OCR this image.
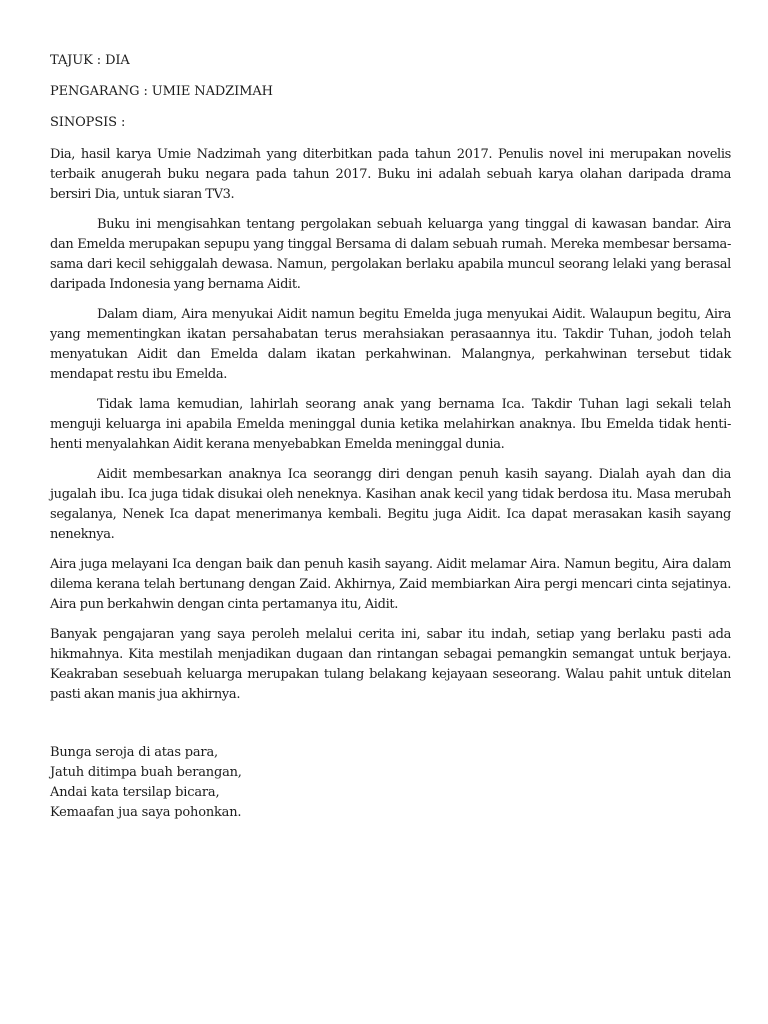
TAJUK : DIA
PENGARANG : UMIE NADZIMAH
SINOPSIS :

Dia, hasil karya Umie Nadzimah yang diterbitkan pada tahun 2017. Penulis novel ini merupakan novelis terbaik anugerah buku negara pada tahun 2017. Buku ini adalah sebuah karya olahan daripada drama bersiri Dia, untuk siaran TV3.

Buku ini mengisahkan tentang pergolakan sebuah keluarga yang tinggal di kawasan bandar. Aira dan Emelda merupakan sepupu yang tinggal Bersama di dalam sebuah rumah. Mereka membesar bersama-sama dari kecil sehiggalah dewasa. Namun, pergolakan berlaku apabila muncul seorang lelaki yang berasal daripada Indonesia yang bernama Aidit.

Dalam diam, Aira menyukai Aidit namun begitu Emelda juga menyukai Aidit. Walaupun begitu, Aira yang mementingkan ikatan persahabatan terus merahsiakan perasaannya itu. Takdir Tuhan, jodoh telah menyatukan Aidit dan Emelda dalam ikatan perkahwinan. Malangnya, perkahwinan tersebut tidak mendapat restu ibu Emelda.

Tidak lama kemudian, lahirlah seorang anak yang bernama Ica. Takdir Tuhan lagi sekali telah menguji keluarga ini apabila Emelda meninggal dunia ketika melahirkan anaknya. Ibu Emelda tidak henti-henti menyalahkan Aidit kerana menyebabkan Emelda meninggal dunia.

Aidit membesarkan anaknya Ica seorangg diri dengan penuh kasih sayang. Dialah ayah dan dia jugalah ibu. Ica juga tidak disukai oleh neneknya. Kasihan anak kecil yang tidak berdosa itu. Masa merubah segalanya, Nenek Ica dapat menerimanya kembali. Begitu juga Aidit. Ica dapat merasakan kasih sayang neneknya.

Aira juga melayani Ica dengan baik dan penuh kasih sayang. Aidit melamar Aira. Namun begitu, Aira dalam dilema kerana telah bertunang dengan Zaid. Akhirnya, Zaid membiarkan Aira pergi mencari cinta sejatinya. Aira pun berkahwin dengan cinta pertamanya itu, Aidit.

Banyak pengajaran yang saya peroleh melalui cerita ini, sabar itu indah, setiap yang berlaku pasti ada hikmahnya. Kita mestilah menjadikan dugaan dan rintangan sebagai pemangkin semangat untuk berjaya. Keakraban sesebuah keluarga merupakan tulang belakang kejayaan seseorang. Walau pahit untuk ditelan pasti akan manis jua akhirnya.

Bunga seroja di atas para,
Jatuh ditimpa buah berangan,
Andai kata tersilap bicara,
Kemaafan jua saya pohonkan.
